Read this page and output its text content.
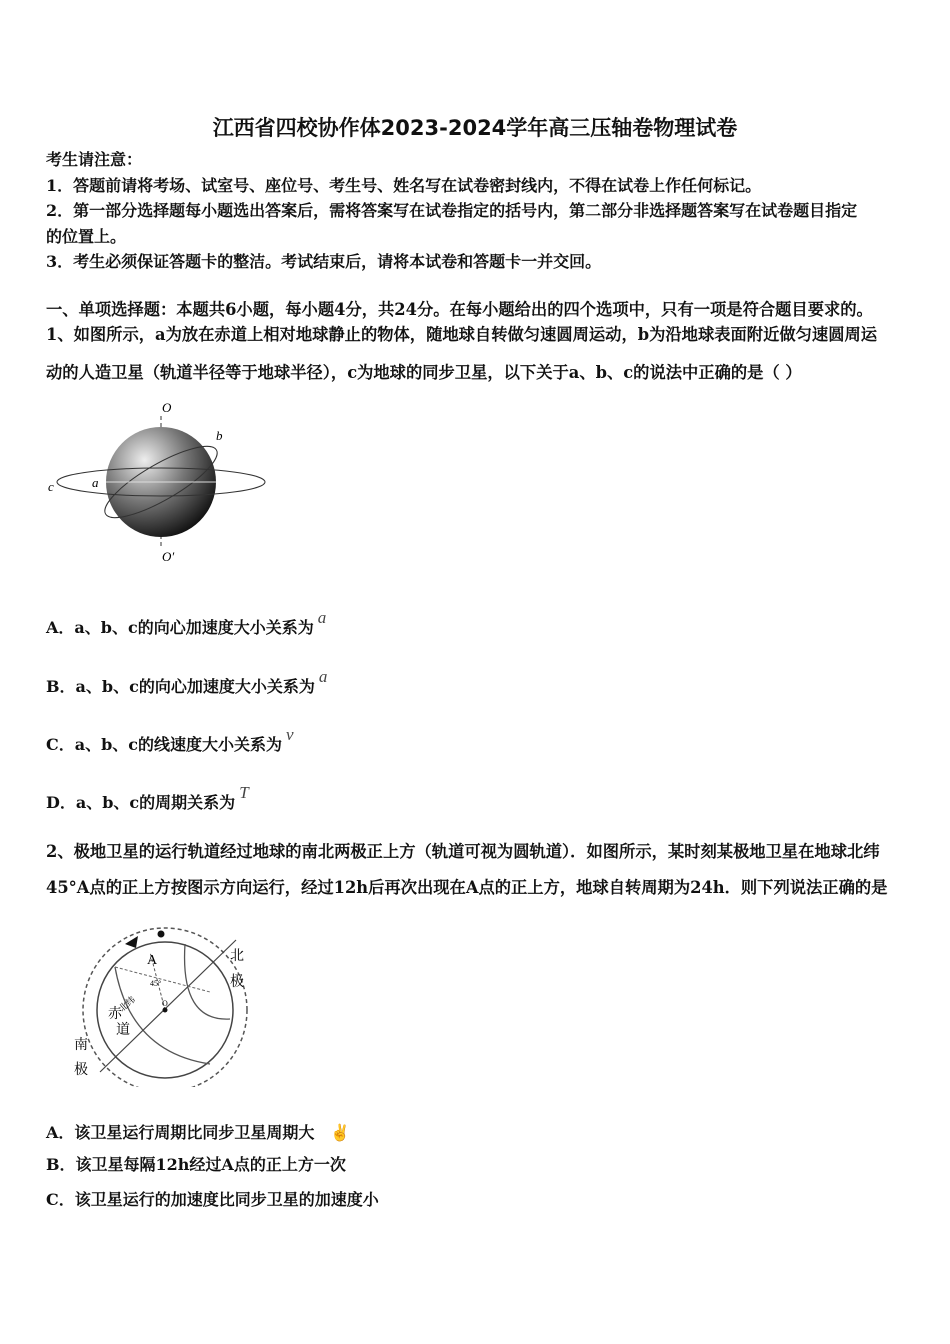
江西省四校协作体2023-2024学年高三压轴卷物理试卷
考生请注意：
1．答题前请将考场、试室号、座位号、考生号、姓名写在试卷密封线内，不得在试卷上作任何标记。
2．第一部分选择题每小题选出答案后，需将答案写在试卷指定的括号内，第二部分非选择题答案写在试卷题目指定
的位置上。
3．考生必须保证答题卡的整洁。考试结束后，请将本试卷和答题卡一并交回。
一、单项选择题：本题共6小题，每小题4分，共24分。在每小题给出的四个选项中，只有一项是符合题目要求的。
1、如图所示，a为放在赤道上相对地球静止的物体，随地球自转做匀速圆周运动，b为沿地球表面附近做匀速圆周运
动的人造卫星（轨道半径等于地球半径），c为地球的同步卫星，以下关于a、b、c的说法中正确的是（ ）
O
O′
b
c	a
A．a、b、c的向心加速度大小关系为a
B．a、b、c的向心加速度大小关系为a
C．a、b、c的线速度大小关系为v
D．a、b、c的周期关系为T
2、极地卫星的运行轨道经过地球的南北两极正上方（轨道可视为圆轨道）．如图所示，某时刻某极地卫星在地球北纬
45°A点的正上方按图示方向运行，经过12h后再次出现在A点的正上方，地球自转周期为24h．则下列说法正确的是
A
45°
O
北纬
北
极
赤
道
南
极
A．该卫星运行周期比同步卫星周期大 ✌
B．该卫星每隔12h经过A点的正上方一次
C．该卫星运行的加速度比同步卫星的加速度小
